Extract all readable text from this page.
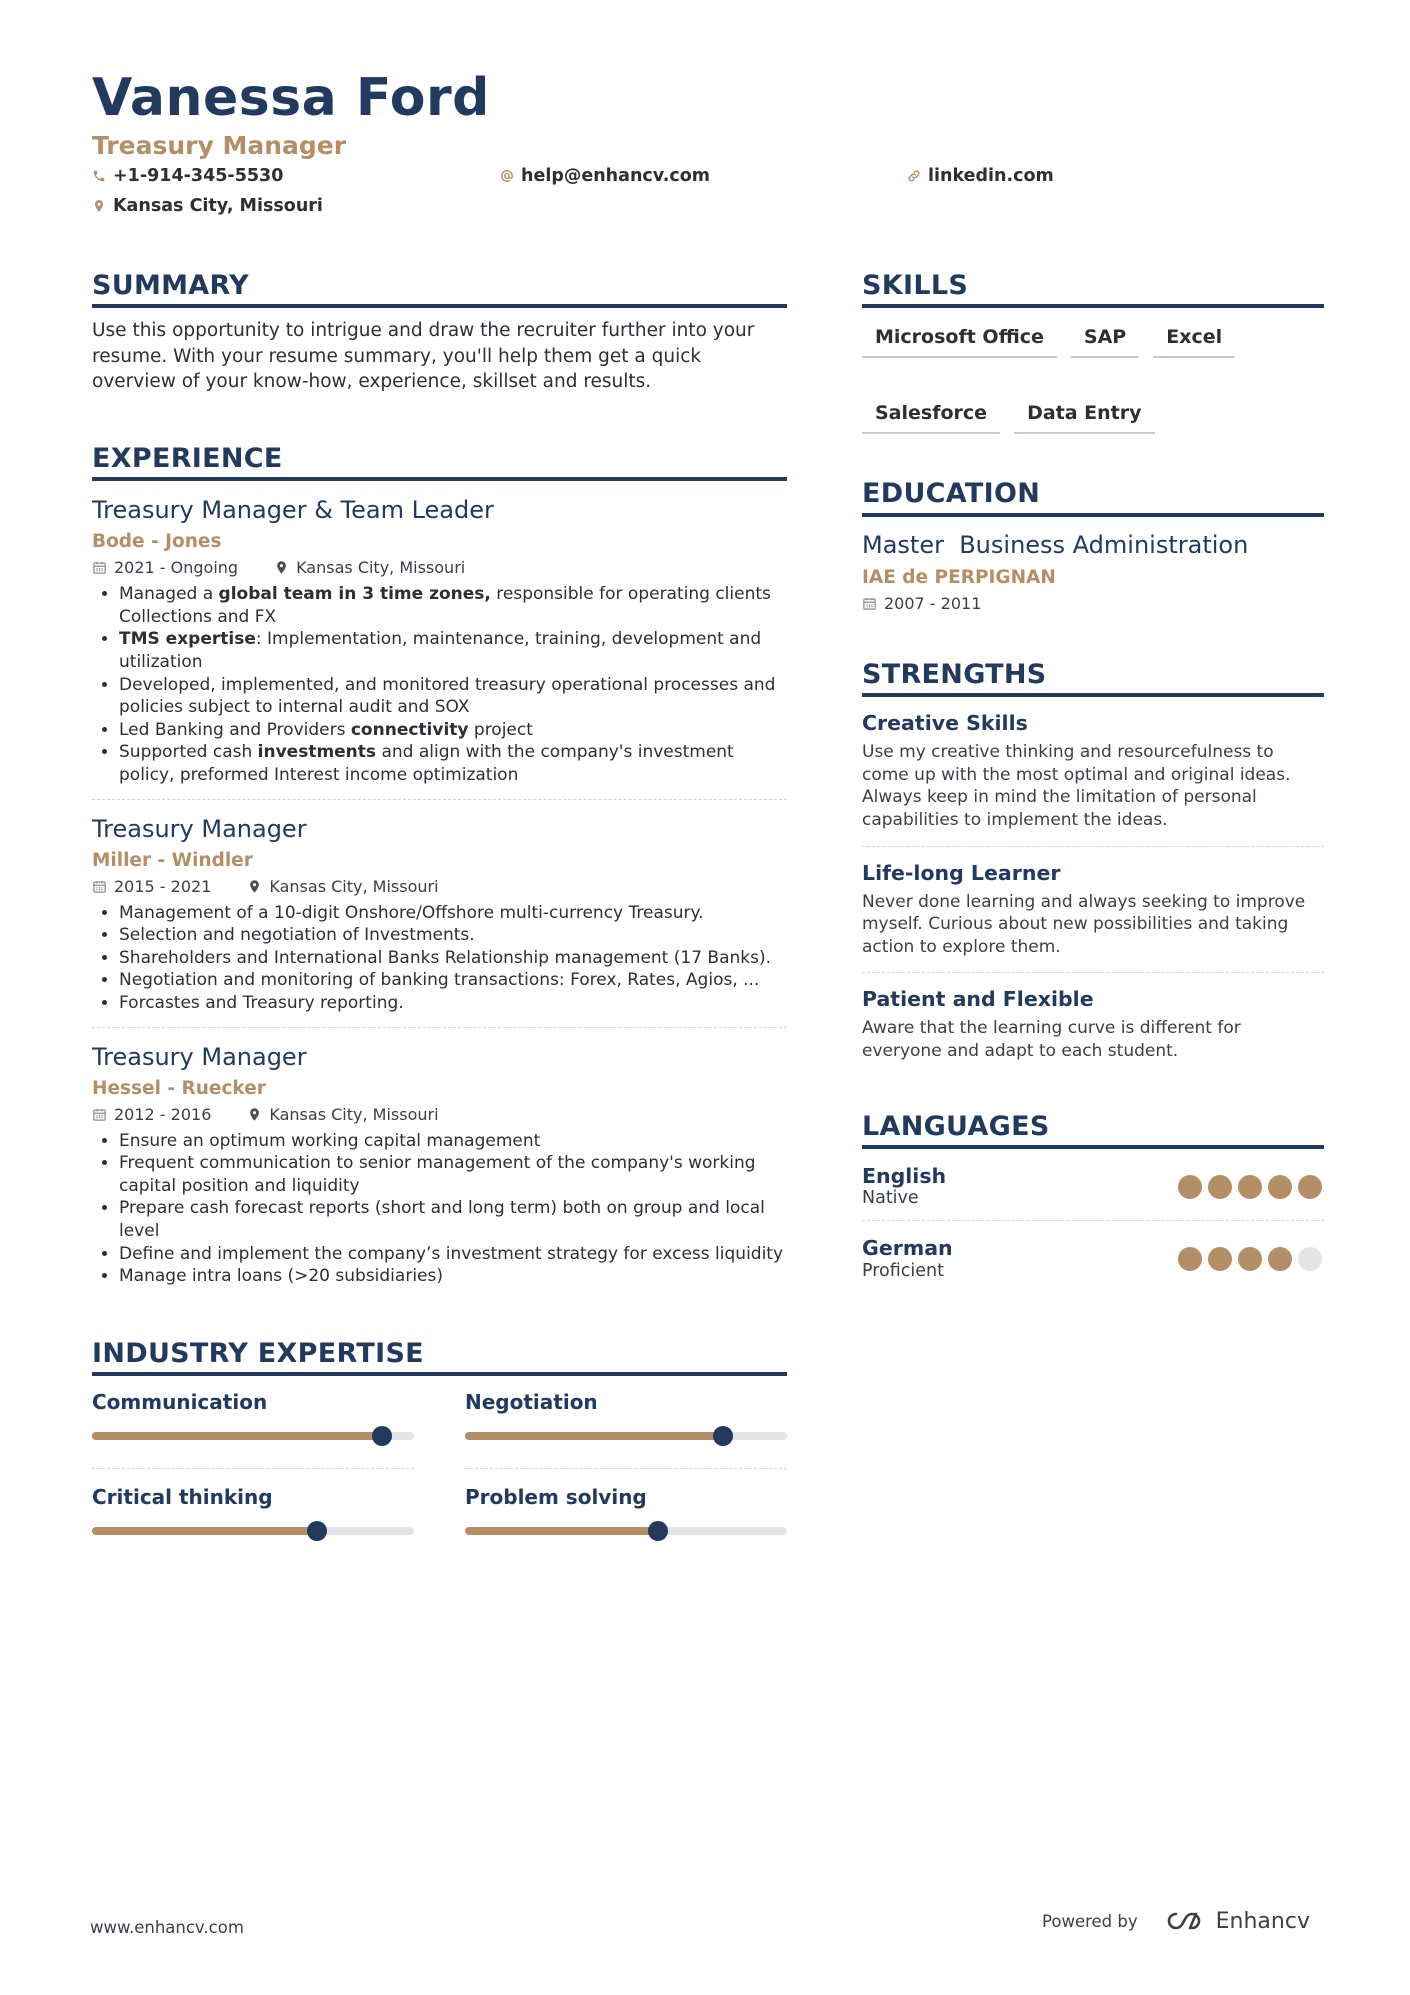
Vanessa Ford
Treasury Manager
+1-914-345-5530	help@enhancv.com	linkedin.com
Kansas City, Missouri
SUMMARY
Use this opportunity to intrigue and draw the recruiter further into your resume. With your resume summary, you'll help them get a quick overview of your know-how, experience, skillset and results.
EXPERIENCE
Treasury Manager & Team Leader
Bode - Jones
2021 - Ongoing	Kansas City, Missouri
• Managed a global team in 3 time zones, responsible for operating clients Collections and FX
• TMS expertise: Implementation, maintenance, training, development and utilization
• Developed, implemented, and monitored treasury operational processes and policies subject to internal audit and SOX
• Led Banking and Providers connectivity project
• Supported cash investments and align with the company's investment policy, preformed Interest income optimization
Treasury Manager
Miller - Windler
2015 - 2021	Kansas City, Missouri
• Management of a 10-digit Onshore/Offshore multi-currency Treasury.
• Selection and negotiation of Investments.
• Shareholders and International Banks Relationship management (17 Banks).
• Negotiation and monitoring of banking transactions: Forex, Rates, Agios, ...
• Forcastes and Treasury reporting.
Treasury Manager
Hessel - Ruecker
2012 - 2016	Kansas City, Missouri
• Ensure an optimum working capital management
• Frequent communication to senior management of the company's working capital position and liquidity
• Prepare cash forecast reports (short and long term) both on group and local level
• Define and implement the company’s investment strategy for excess liquidity
• Manage intra loans (>20 subsidiaries)
INDUSTRY EXPERTISE
Communication	Negotiation
Critical thinking	Problem solving
SKILLS
Microsoft Office	SAP	Excel
Salesforce	Data Entry
EDUCATION
Master  Business Administration
IAE de PERPIGNAN
2007 - 2011
STRENGTHS
Creative Skills
Use my creative thinking and resourcefulness to come up with the most optimal and original ideas. Always keep in mind the limitation of personal capabilities to implement the ideas.
Life-long Learner
Never done learning and always seeking to improve myself. Curious about new possibilities and taking action to explore them.
Patient and Flexible
Aware that the learning curve is different for everyone and adapt to each student.
LANGUAGES
English
Native
German
Proficient
www.enhancv.com	Powered by	Enhancv
